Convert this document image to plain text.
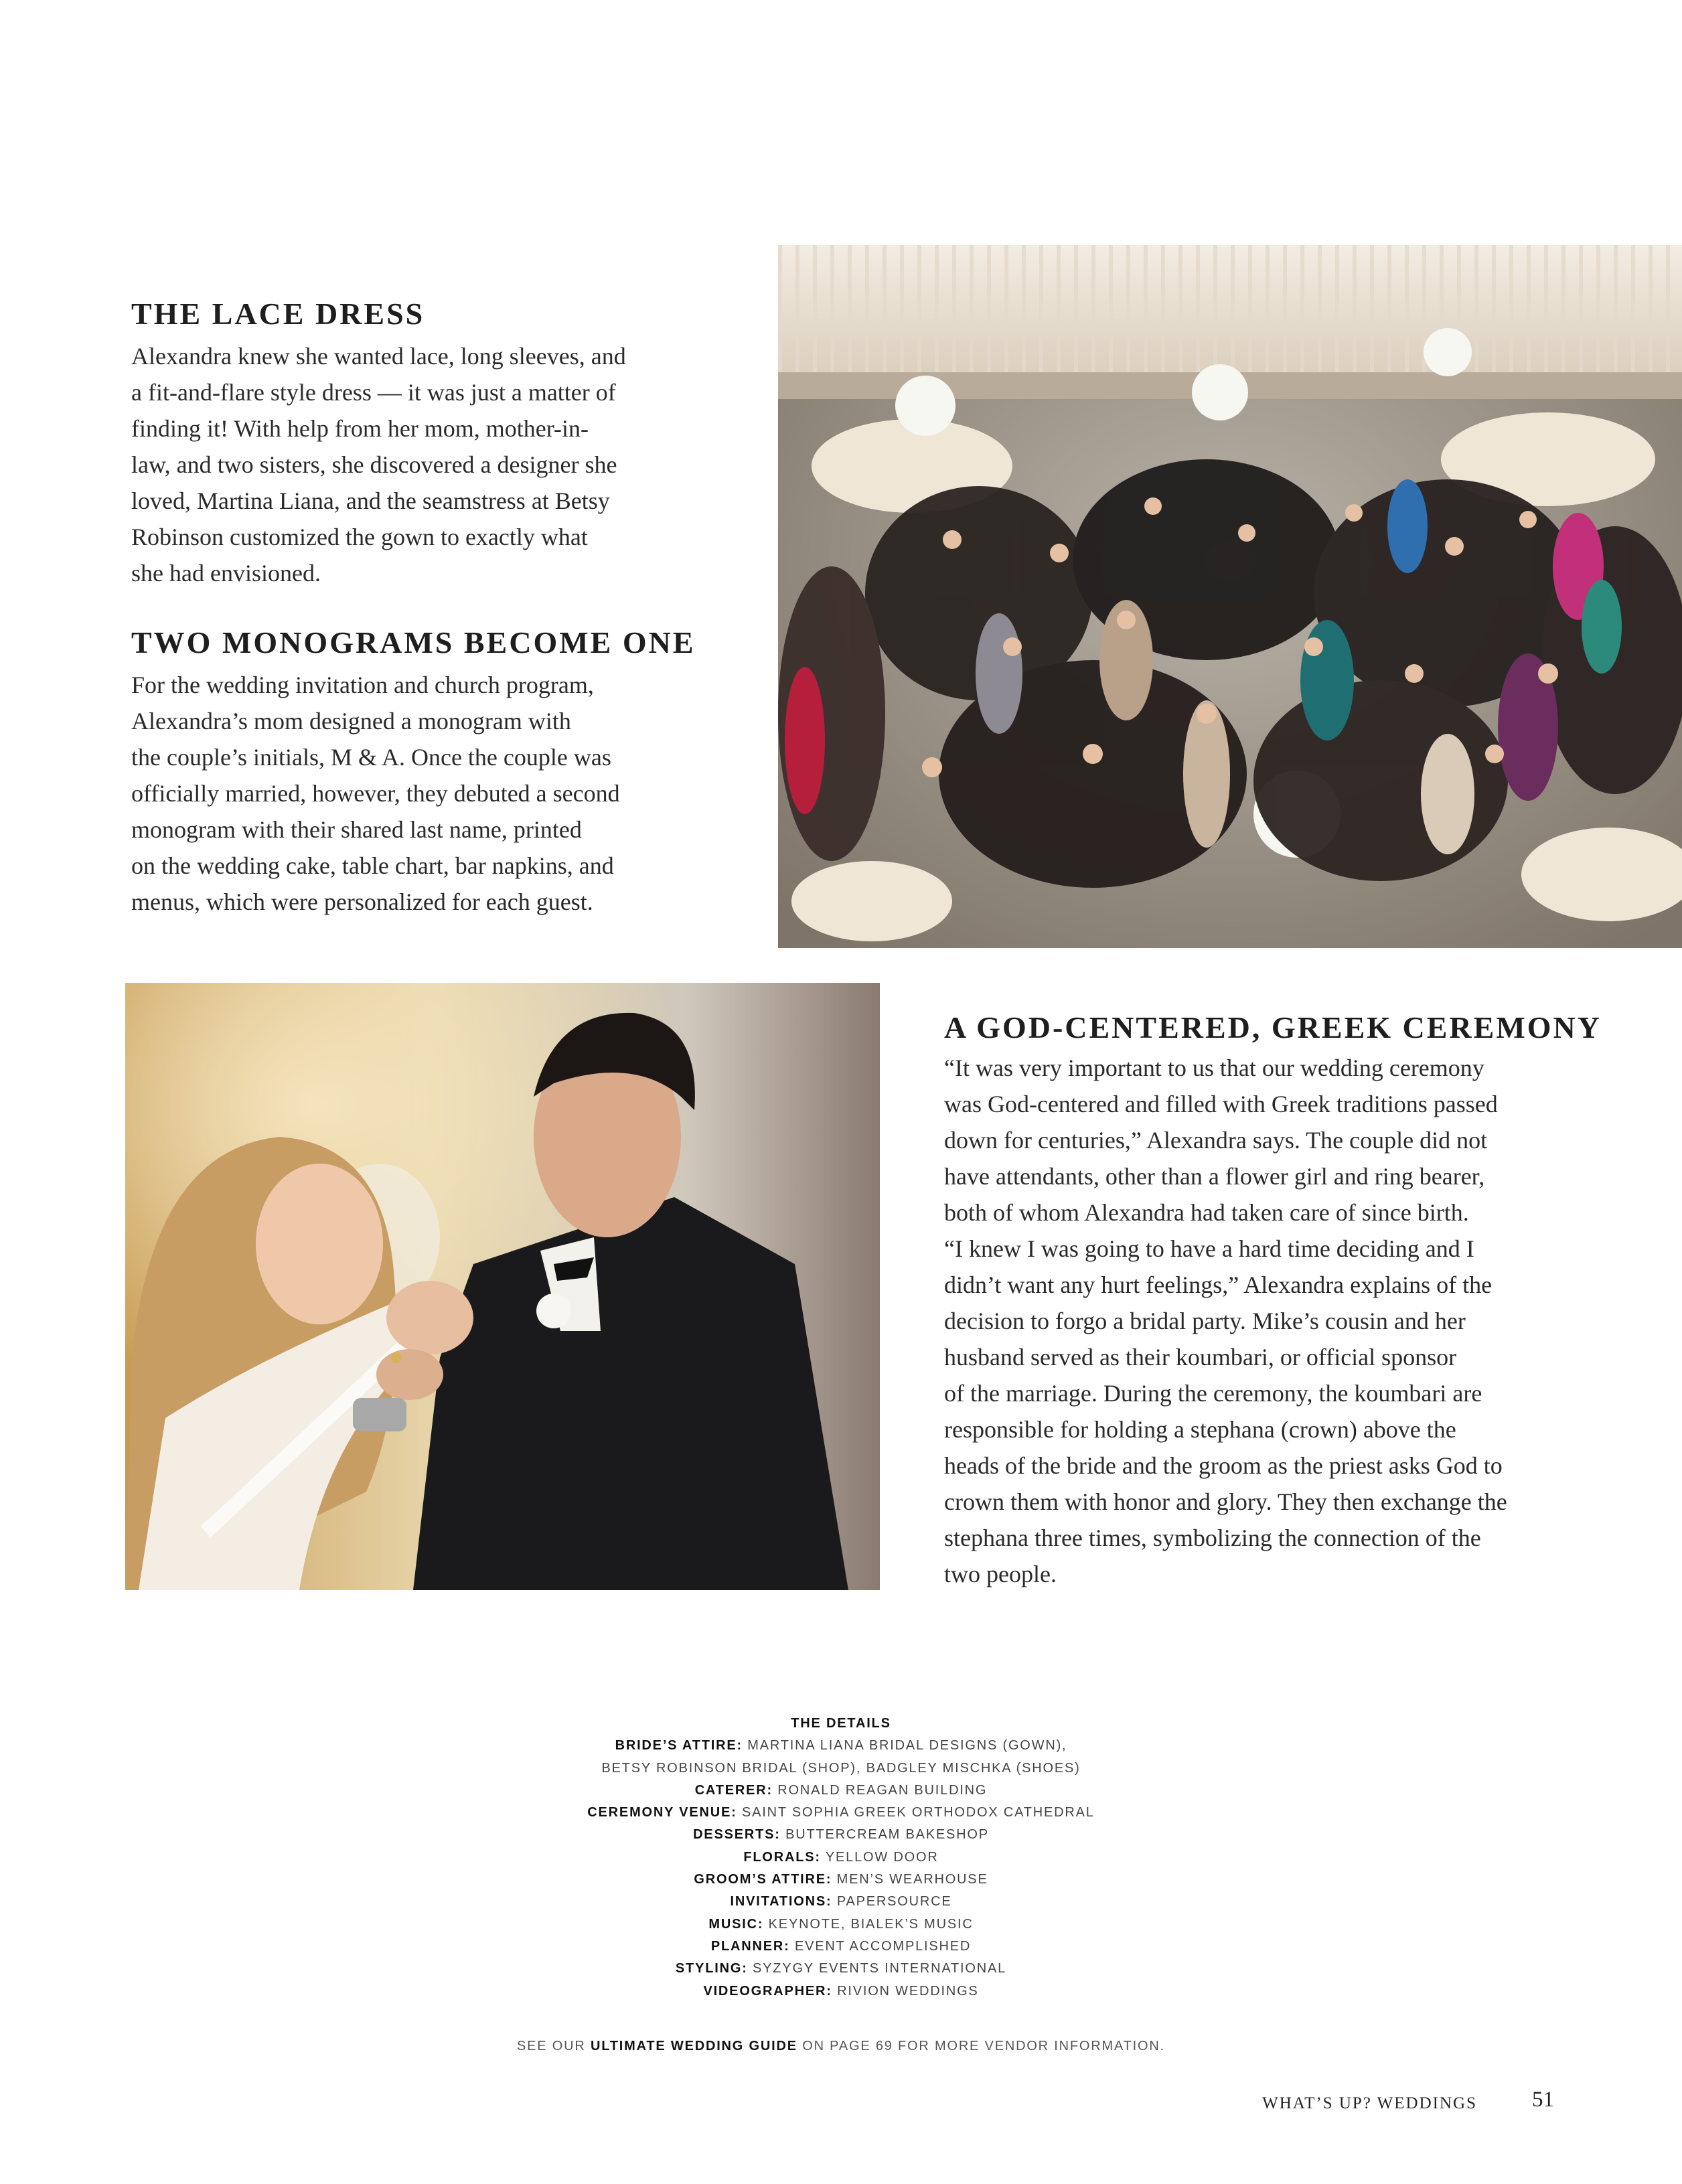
THE LACE DRESS
Alexandra knew she wanted lace, long sleeves, and
a fit-and-flare style dress — it was just a matter of
finding it! With help from her mom, mother-in-
law, and two sisters, she discovered a designer she
loved, Martina Liana, and the seamstress at Betsy
Robinson customized the gown to exactly what
she had envisioned.
TWO MONOGRAMS BECOME ONE
For the wedding invitation and church program,
Alexandra’s mom designed a monogram with
the couple’s initials, M & A. Once the couple was
officially married, however, they debuted a second
monogram with their shared last name, printed
on the wedding cake, table chart, bar napkins, and
menus, which were personalized for each guest.
A GOD-CENTERED, GREEK CEREMONY
“It was very important to us that our wedding ceremony
was God-centered and filled with Greek traditions passed
down for centuries,” Alexandra says. The couple did not
have attendants, other than a flower girl and ring bearer,
both of whom Alexandra had taken care of since birth.
“I knew I was going to have a hard time deciding and I
didn’t want any hurt feelings,” Alexandra explains of the
decision to forgo a bridal party. Mike’s cousin and her
husband served as their koumbari, or official sponsor
of the marriage. During the ceremony, the koumbari are
responsible for holding a stephana (crown) above the
heads of the bride and the groom as the priest asks God to
crown them with honor and glory. They then exchange the
stephana three times, symbolizing the connection of the
two people.
THE DETAILS
BRIDE’S ATTIRE: MARTINA LIANA BRIDAL DESIGNS (GOWN),
BETSY ROBINSON BRIDAL (SHOP), BADGLEY MISCHKA (SHOES)
CATERER: RONALD REAGAN BUILDING
CEREMONY VENUE: SAINT SOPHIA GREEK ORTHODOX CATHEDRAL
DESSERTS: BUTTERCREAM BAKESHOP
FLORALS: YELLOW DOOR
GROOM’S ATTIRE: MEN’S WEARHOUSE
INVITATIONS: PAPERSOURCE
MUSIC: KEYNOTE, BIALEK’S MUSIC
PLANNER: EVENT ACCOMPLISHED
STYLING: SYZYGY EVENTS INTERNATIONAL
VIDEOGRAPHER: RIVION WEDDINGS
SEE OUR ULTIMATE WEDDING GUIDE ON PAGE 69 FOR MORE VENDOR INFORMATION.
WHAT’S UP? WEDDINGS 51
